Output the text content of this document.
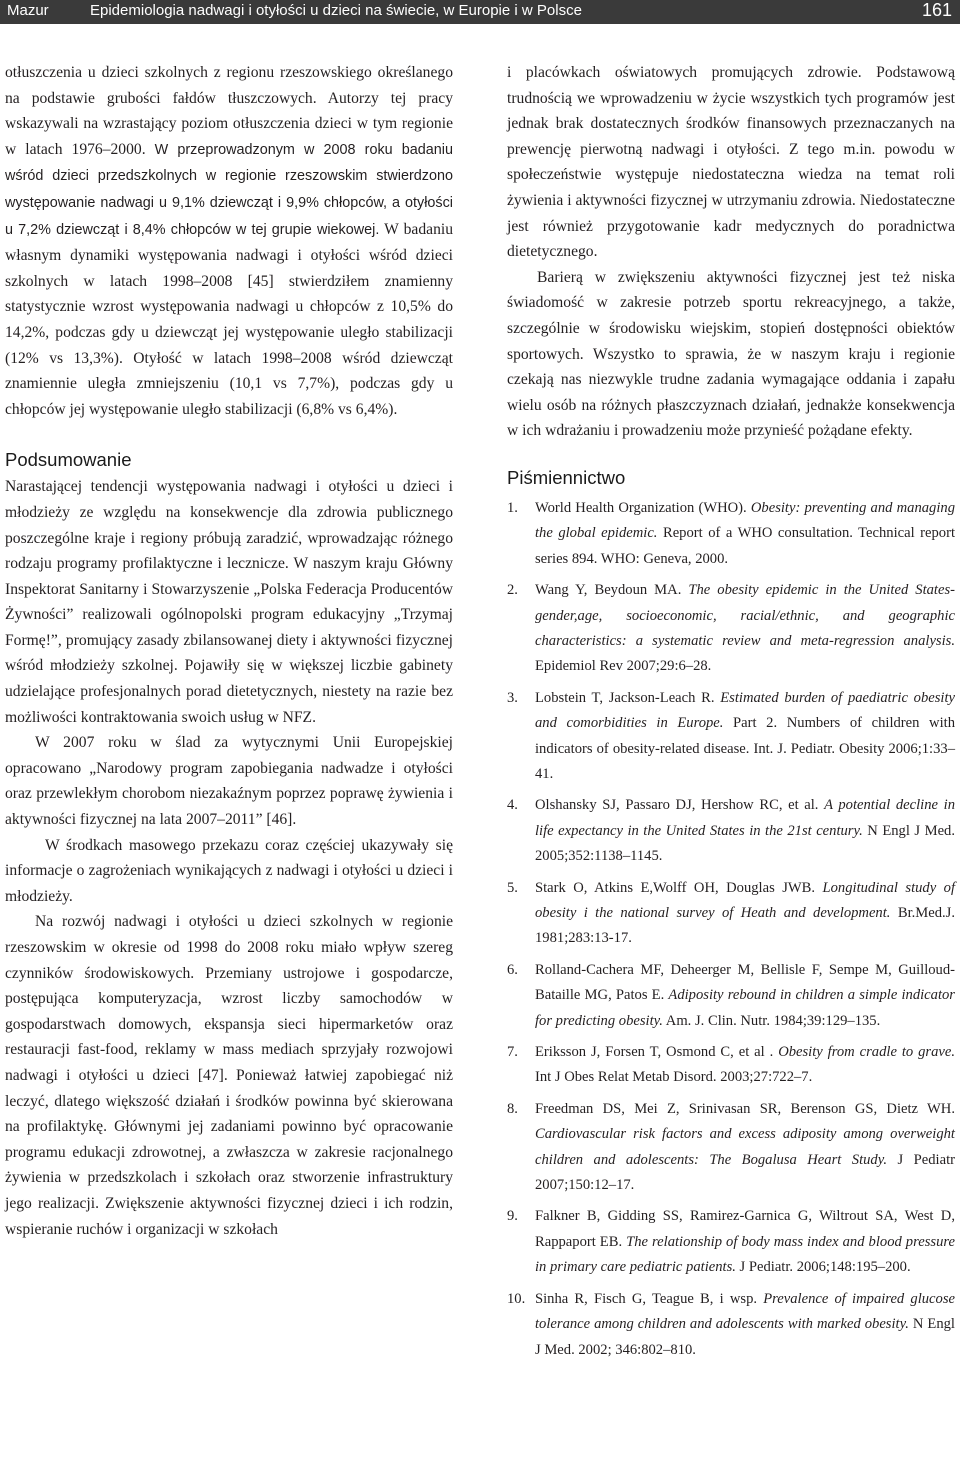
Mazur	Epidemiologia nadwagi i otyłości u dzieci na świecie, w Europie i w Polsce	161

otłuszczenia u dzieci szkolnych z regionu rzeszowskiego określanego na podstawie grubości fałdów tłuszczowych. Autorzy tej pracy wskazywali na wzrastający poziom otłuszczenia dzieci w tym regionie w latach 1976–2000. W przeprowadzonym w 2008 roku badaniu wśród dzieci przedszkolnych w regionie rzeszowskim stwierdzono występowanie nadwagi u 9,1% dziewcząt i 9,9% chłopców, a otyłości u 7,2% dziewcząt i 8,4% chłopców w tej grupie wiekowej. W badaniu własnym dynamiki występowania nadwagi i otyłości wśród dzieci szkolnych w latach 1998–2008 [45] stwierdziłem znamienny statystycznie wzrost występowania nadwagi u chłopców z 10,5% do 14,2%, podczas gdy u dziewcząt jej występowanie uległo stabilizacji (12% vs 13,3%). Otyłość w latach 1998–2008 wśród dziewcząt znamiennie uległa zmniejszeniu (10,1 vs 7,7%), podczas gdy u chłopców jej występowanie uległo stabilizacji (6,8% vs 6,4%).

Podsumowanie

Narastającej tendencji występowania nadwagi i otyłości u dzieci i młodzieży ze względu na konsekwencje dla zdrowia publicznego poszczególne kraje i regiony próbują zaradzić, wprowadzając różnego rodzaju programy profilaktyczne i lecznicze. W naszym kraju Główny Inspektorat Sanitarny i Stowarzyszenie „Polska Federacja Producentów Żywności” realizowali ogólnopolski program edukacyjny „Trzymaj Formę!”, promujący zasady zbilansowanej diety i aktywności fizycznej wśród młodzieży szkolnej. Pojawiły się w większej liczbie gabinety udzielające profesjonalnych porad dietetycznych, niestety na razie bez możliwości kontraktowania swoich usług w NFZ.

W 2007 roku w ślad za wytycznymi Unii Europejskiej opracowano „Narodowy program zapobiegania nadwadze i otyłości oraz przewlekłym chorobom niezakaźnym poprzez poprawę żywienia i aktywności fizycznej na lata 2007–2011” [46].

W środkach masowego przekazu coraz częściej ukazywały się informacje o zagrożeniach wynikających z nadwagi i otyłości u dzieci i młodzieży.

Na rozwój nadwagi i otyłości u dzieci szkolnych w regionie rzeszowskim w okresie od 1998 do 2008 roku miało wpływ szereg czynników środowiskowych. Przemiany ustrojowe i gospodarcze, postępująca komputeryzacja, wzrost liczby samochodów w gospodarstwach domowych, ekspansja sieci hipermarketów oraz restauracji fast-food, reklamy w mass mediach sprzyjały rozwojowi nadwagi i otyłości u dzieci [47]. Ponieważ łatwiej zapobiegać niż leczyć, dlatego większość działań i środków powinna być skierowana na profilaktykę. Głównymi jej zadaniami powinno być opracowanie programu edukacji zdrowotnej, a zwłaszcza w zakresie racjonalnego żywienia w przedszkolach i szkołach oraz stworzenie infrastruktury jego realizacji. Zwiększenie aktywności fizycznej dzieci i ich rodzin, wspieranie ruchów i organizacji w szkołach

i placówkach oświatowych promujących zdrowie. Podstawową trudnością we wprowadzeniu w życie wszystkich tych programów jest jednak brak dostatecznych środków finansowych przeznaczanych na prewencję pierwotną nadwagi i otyłości. Z tego m.in. powodu w społeczeństwie występuje niedostateczna wiedza na temat roli żywienia i aktywności fizycznej w utrzymaniu zdrowia. Niedostateczne jest również przygotowanie kadr medycznych do poradnictwa dietetycznego.

Barierą w zwiększeniu aktywności fizycznej jest też niska świadomość w zakresie potrzeb sportu rekreacyjnego, a także, szczególnie w środowisku wiejskim, stopień dostępności obiektów sportowych. Wszystko to sprawia, że w naszym kraju i regionie czekają nas niezwykle trudne zadania wymagające oddania i zapału wielu osób na różnych płaszczyznach działań, jednakże konsekwencja w ich wdrażaniu i prowadzeniu może przynieść pożądane efekty.

Piśmiennictwo
1. World Health Organization (WHO). Obesity: preventing and managing the global epidemic. Report of a WHO consultation. Technical report series 894. WHO: Geneva, 2000.
2. Wang Y, Beydoun MA. The obesity epidemic in the United States-gender,age, socioeconomic, racial/ethnic, and geographic characteristics: a systematic review and meta-regression analysis. Epidemiol Rev 2007;29:6–28.
3. Lobstein T, Jackson-Leach R. Estimated burden of paediatric obesity and comorbidities in Europe. Part 2. Numbers of children with indicators of obesity-related disease. Int. J. Pediatr. Obesity 2006;1:33–41.
4. Olshansky SJ, Passaro DJ, Hershow RC, et al. A potential decline in life expectancy in the United States in the 21st century. N Engl J Med. 2005;352:1138–1145.
5. Stark O, Atkins E,Wolff OH, Douglas JWB. Longitudinal study of obesity i the national survey of Heath and development. Br.Med.J. 1981;283:13-17.
6. Rolland-Cachera MF, Deheerger M, Bellisle F, Sempe M, Guilloud-Bataille MG, Patos E. Adiposity rebound in children a simple indicator for predicting obesity. Am. J. Clin. Nutr. 1984;39:129–135.
7. Eriksson J, Forsen T, Osmond C, et al . Obesity from cradle to grave. Int J Obes Relat Metab Disord. 2003;27:722–7.
8. Freedman DS, Mei Z, Srinivasan SR, Berenson GS, Dietz WH. Cardiovascular risk factors and excess adiposity among overweight children and adolescents: The Bogalusa Heart Study. J Pediatr 2007;150:12–17.
9. Falkner B, Gidding SS, Ramirez-Garnica G, Wiltrout SA, West D, Rappaport EB. The relationship of body mass index and blood pressure in primary care pediatric patients. J Pediatr. 2006;148:195–200.
10. Sinha R, Fisch G, Teague B, i wsp. Prevalence of impaired glucose tolerance among children and adolescents with marked obesity. N Engl J Med. 2002; 346:802–810.
